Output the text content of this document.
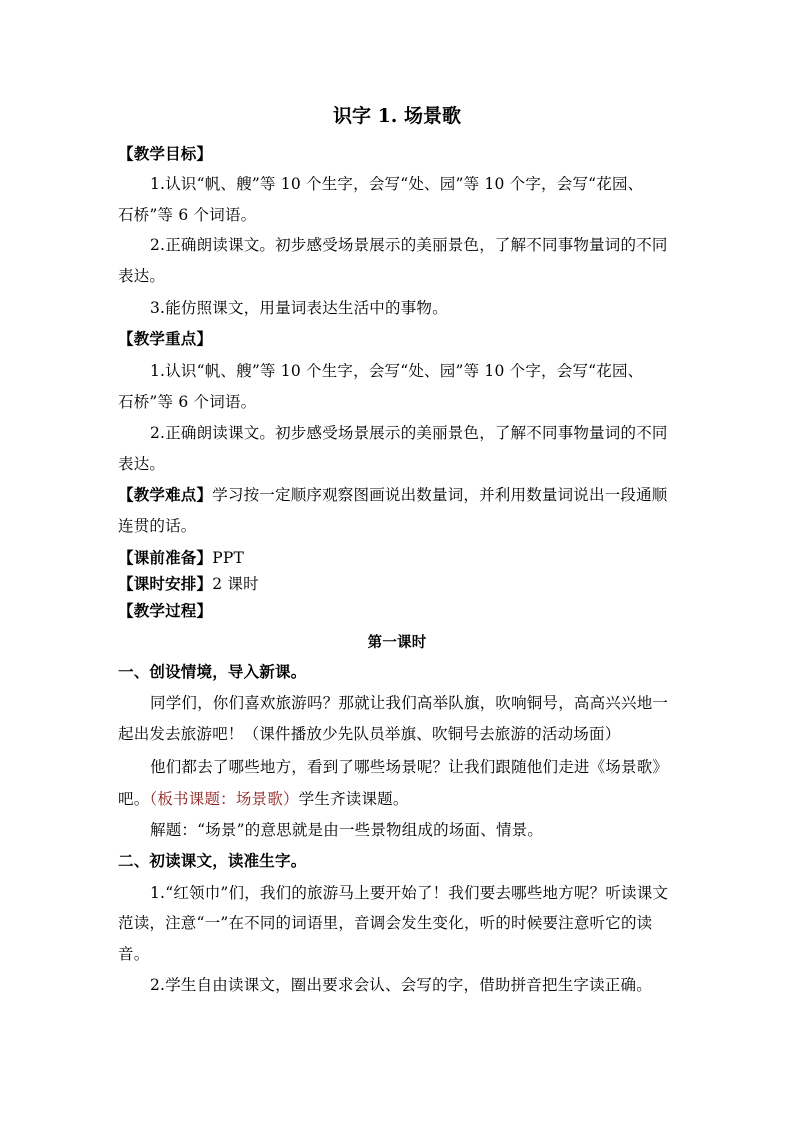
识字 1. 场景歌
【教学目标】
1.认识“帆、艘”等 10 个生字，会写“处、园”等 10 个字，会写“花园、
石桥”等 6 个词语。
2.正确朗读课文。初步感受场景展示的美丽景色，了解不同事物量词的不同
表达。
3.能仿照课文，用量词表达生活中的事物。
【教学重点】
1.认识“帆、艘”等 10 个生字，会写“处、园”等 10 个字，会写“花园、
石桥”等 6 个词语。
2.正确朗读课文。初步感受场景展示的美丽景色，了解不同事物量词的不同
表达。
【教学难点】学习按一定顺序观察图画说出数量词，并利用数量词说出一段通顺
连贯的话。
【课前准备】PPT
【课时安排】2 课时
【教学过程】
第一课时
一、创设情境，导入新课。
同学们，你们喜欢旅游吗？那就让我们高举队旗，吹响铜号，高高兴兴地一
起出发去旅游吧！（课件播放少先队员举旗、吹铜号去旅游的活动场面）
他们都去了哪些地方，看到了哪些场景呢？让我们跟随他们走进《场景歌》
吧。（板书课题：场景歌）学生齐读课题。
解题：“场景”的意思就是由一些景物组成的场面、情景。
二、初读课文，读准生字。
1.“红领巾”们，我们的旅游马上要开始了！我们要去哪些地方呢？听读课文
范读，注意“一”在不同的词语里，音调会发生变化，听的时候要注意听它的读
音。
2.学生自由读课文，圈出要求会认、会写的字，借助拼音把生字读正确。
